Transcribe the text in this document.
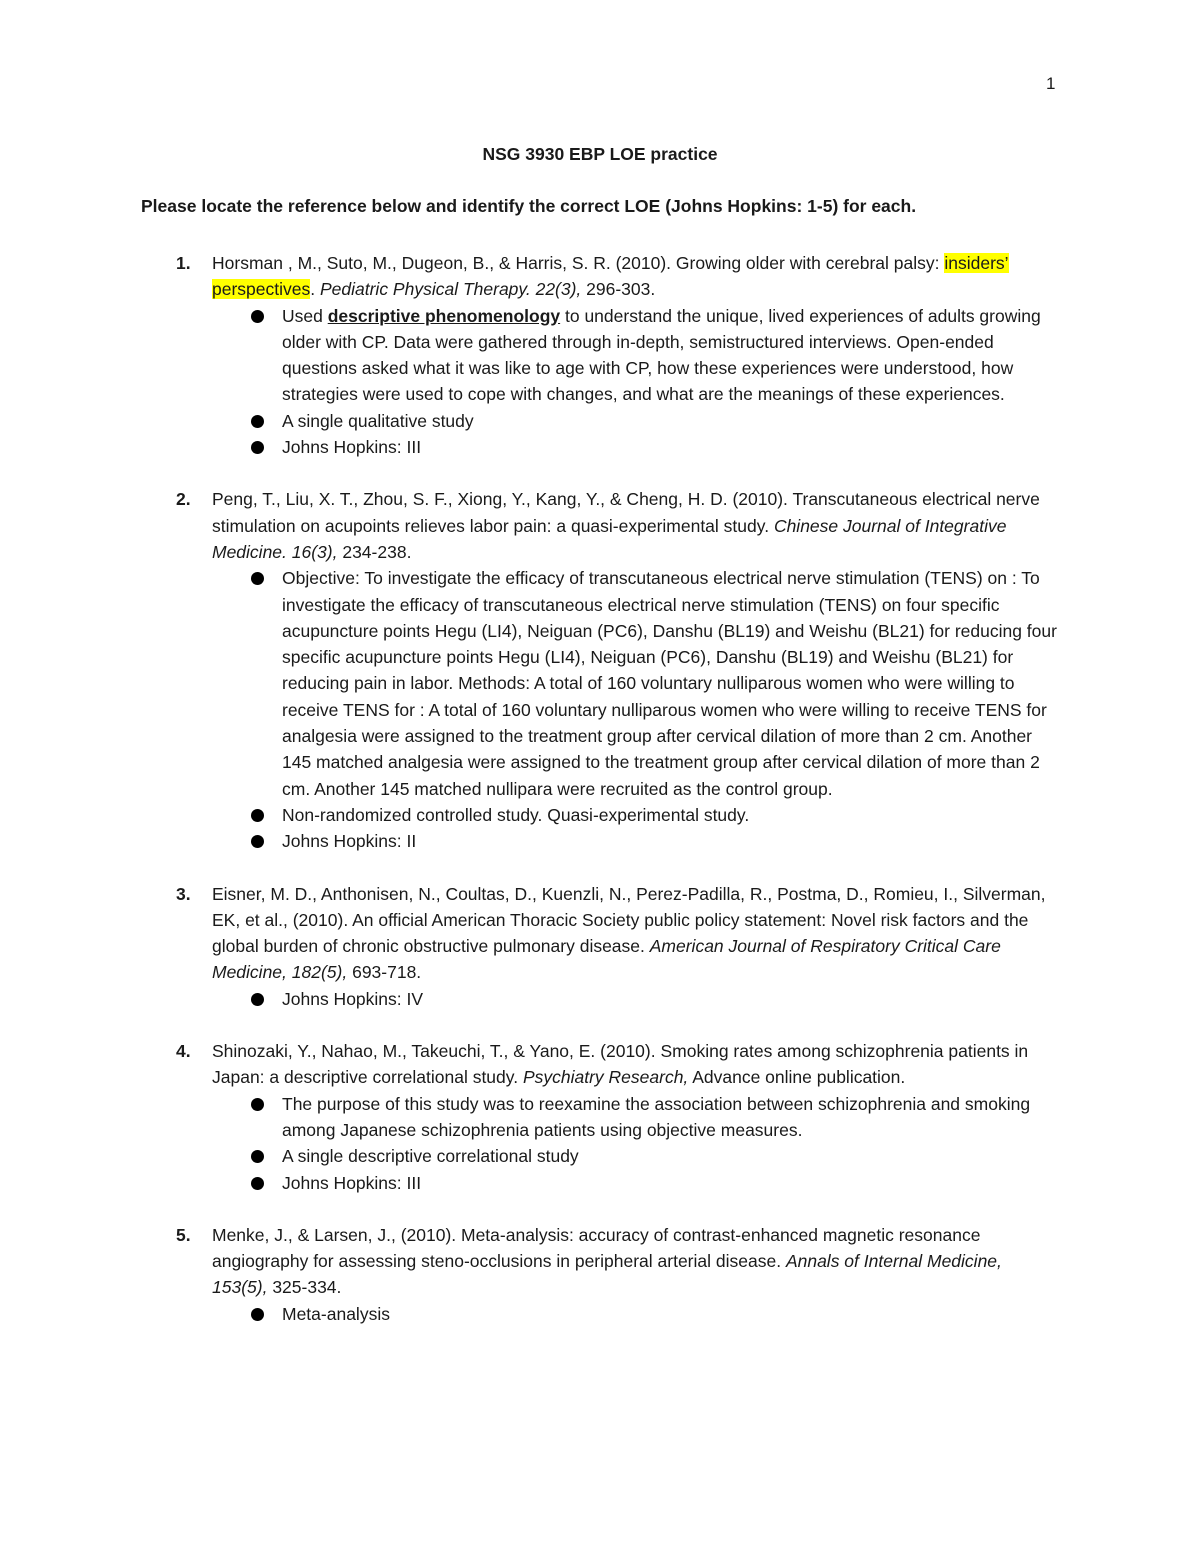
1
NSG 3930 EBP LOE practice
Please locate the reference below and identify the correct LOE (Johns Hopkins: 1-5) for each.
1. Horsman , M., Suto, M., Dugeon, B., & Harris, S. R. (2010). Growing older with cerebral palsy: insiders’ perspectives. Pediatric Physical Therapy. 22(3), 296-303.
Used descriptive phenomenology to understand the unique, lived experiences of adults growing older with CP. Data were gathered through in-depth, semistructured interviews. Open-ended questions asked what it was like to age with CP, how these experiences were understood, how strategies were used to cope with changes, and what are the meanings of these experiences.
A single qualitative study
Johns Hopkins: III
2. Peng, T., Liu, X. T., Zhou, S. F., Xiong, Y., Kang, Y., & Cheng, H. D. (2010). Transcutaneous electrical nerve stimulation on acupoints relieves labor pain: a quasi-experimental study. Chinese Journal of Integrative Medicine. 16(3), 234-238.
Objective: To investigate the efficacy of transcutaneous electrical nerve stimulation (TENS) on : To investigate the efficacy of transcutaneous electrical nerve stimulation (TENS) on four specific acupuncture points Hegu (LI4), Neiguan (PC6), Danshu (BL19) and Weishu (BL21) for reducing four specific acupuncture points Hegu (LI4), Neiguan (PC6), Danshu (BL19) and Weishu (BL21) for reducing pain in labor. Methods: A total of 160 voluntary nulliparous women who were willing to receive TENS for : A total of 160 voluntary nulliparous women who were willing to receive TENS for analgesia were assigned to the treatment group after cervical dilation of more than 2 cm. Another 145 matched analgesia were assigned to the treatment group after cervical dilation of more than 2 cm. Another 145 matched nullipara were recruited as the control group.
Non-randomized controlled study. Quasi-experimental study.
Johns Hopkins: II
3. Eisner, M. D., Anthonisen, N., Coultas, D., Kuenzli, N., Perez-Padilla, R., Postma, D., Romieu, I., Silverman, EK, et al., (2010). An official American Thoracic Society public policy statement: Novel risk factors and the global burden of chronic obstructive pulmonary disease. American Journal of Respiratory Critical Care Medicine, 182(5), 693-718.
Johns Hopkins: IV
4. Shinozaki, Y., Nahao, M., Takeuchi, T., & Yano, E. (2010). Smoking rates among schizophrenia patients in Japan: a descriptive correlational study. Psychiatry Research, Advance online publication.
The purpose of this study was to reexamine the association between schizophrenia and smoking among Japanese schizophrenia patients using objective measures.
A single descriptive correlational study
Johns Hopkins: III
5. Menke, J., & Larsen, J., (2010). Meta-analysis: accuracy of contrast-enhanced magnetic resonance angiography for assessing steno-occlusions in peripheral arterial disease. Annals of Internal Medicine, 153(5), 325-334.
Meta-analysis
